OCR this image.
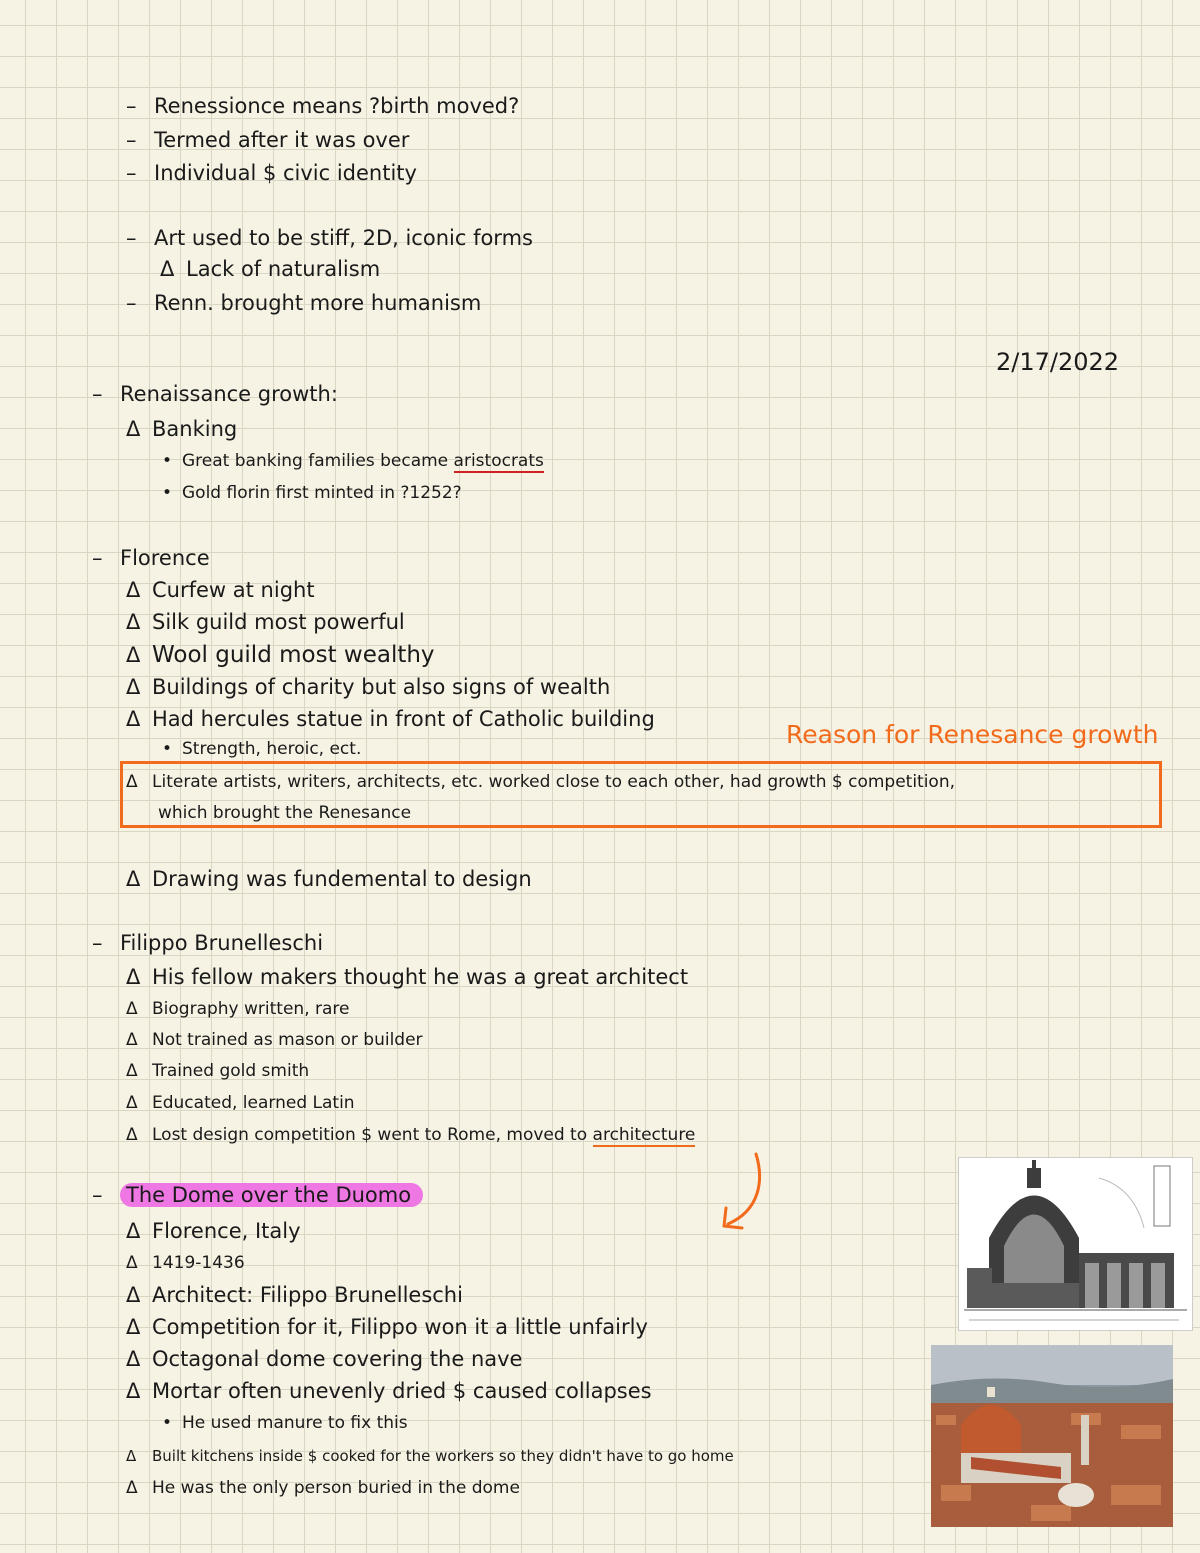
– Renessionce means ?birth moved?
– Termed after it was over
– Individual $ civic identity
– Art used to be stiff, 2D, iconic forms
Δ Lack of naturalism
– Renn. brought more humanism
2/17/2022
– Renaissance growth:
Δ Banking
• Great banking families became aristocrats
• Gold florin first minted in ?1252?
– Florence
Δ Curfew at night
Δ Silk guild most powerful
Δ Wool guild most wealthy
Δ Buildings of charity but also signs of wealth
Δ Had hercules statue in front of Catholic building
• Strength, heroic, ect.	Reason for Renesance growth
Δ Literate artists, writers, architects, etc. worked close to each other, had growth $ competition,
which brought the Renesance
Δ Drawing was fundemental to design
– Filippo Brunelleschi
Δ His fellow makers thought he was a great architect
Δ Biography written, rare
Δ Not trained as mason or builder
Δ Trained gold smith
Δ Educated, learned Latin
Δ Lost design competition $ went to Rome, moved to architecture
– The Dome over the Duomo
Δ Florence, Italy
Δ 1419-1436
Δ Architect: Filippo Brunelleschi
Δ Competition for it, Filippo won it a little unfairly
Δ Octagonal dome covering the nave
Δ Mortar often unevenly dried $ caused collapses
• He used manure to fix this
Δ Built kitchens inside $ cooked for the workers so they didn't have to go home
Δ He was the only person buried in the dome
